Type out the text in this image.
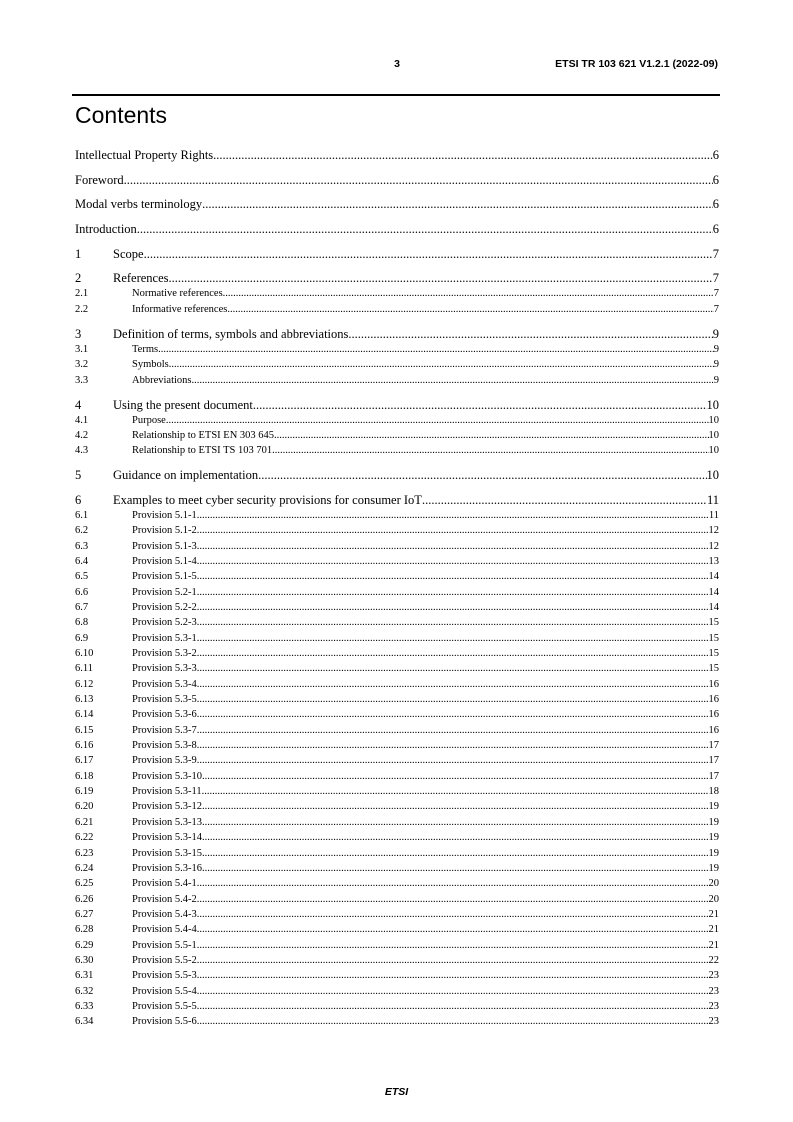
3	ETSI TR 103 621 V1.2.1 (2022-09)
Contents
Intellectual Property Rights .....	6
Foreword .....	6
Modal verbs terminology .....	6
Introduction .....	6
1	Scope .....	7
2	References .....	7
2.1	Normative references .....	7
2.2	Informative references .....	7
3	Definition of terms, symbols and abbreviations .....	9
3.1	Terms .....	9
3.2	Symbols .....	9
3.3	Abbreviations .....	9
4	Using the present document .....	10
4.1	Purpose .....	10
4.2	Relationship to ETSI EN 303 645 .....	10
4.3	Relationship to ETSI TS 103 701 .....	10
5	Guidance on implementation .....	10
6	Examples to meet cyber security provisions for consumer IoT .....	11
6.1	Provision 5.1-1 .....	11
6.2	Provision 5.1-2 .....	12
6.3	Provision 5.1-3 .....	12
6.4	Provision 5.1-4 .....	13
6.5	Provision 5.1-5 .....	14
6.6	Provision 5.2-1 .....	14
6.7	Provision 5.2-2 .....	14
6.8	Provision 5.2-3 .....	15
6.9	Provision 5.3-1 .....	15
6.10	Provision 5.3-2 .....	15
6.11	Provision 5.3-3 .....	15
6.12	Provision 5.3-4 .....	16
6.13	Provision 5.3-5 .....	16
6.14	Provision 5.3-6 .....	16
6.15	Provision 5.3-7 .....	16
6.16	Provision 5.3-8 .....	17
6.17	Provision 5.3-9 .....	17
6.18	Provision 5.3-10 .....	17
6.19	Provision 5.3-11 .....	18
6.20	Provision 5.3-12 .....	19
6.21	Provision 5.3-13 .....	19
6.22	Provision 5.3-14 .....	19
6.23	Provision 5.3-15 .....	19
6.24	Provision 5.3-16 .....	19
6.25	Provision 5.4-1 .....	20
6.26	Provision 5.4-2 .....	20
6.27	Provision 5.4-3 .....	21
6.28	Provision 5.4-4 .....	21
6.29	Provision 5.5-1 .....	21
6.30	Provision 5.5-2 .....	22
6.31	Provision 5.5-3 .....	23
6.32	Provision 5.5-4 .....	23
6.33	Provision 5.5-5 .....	23
6.34	Provision 5.5-6 .....	23
ETSI
